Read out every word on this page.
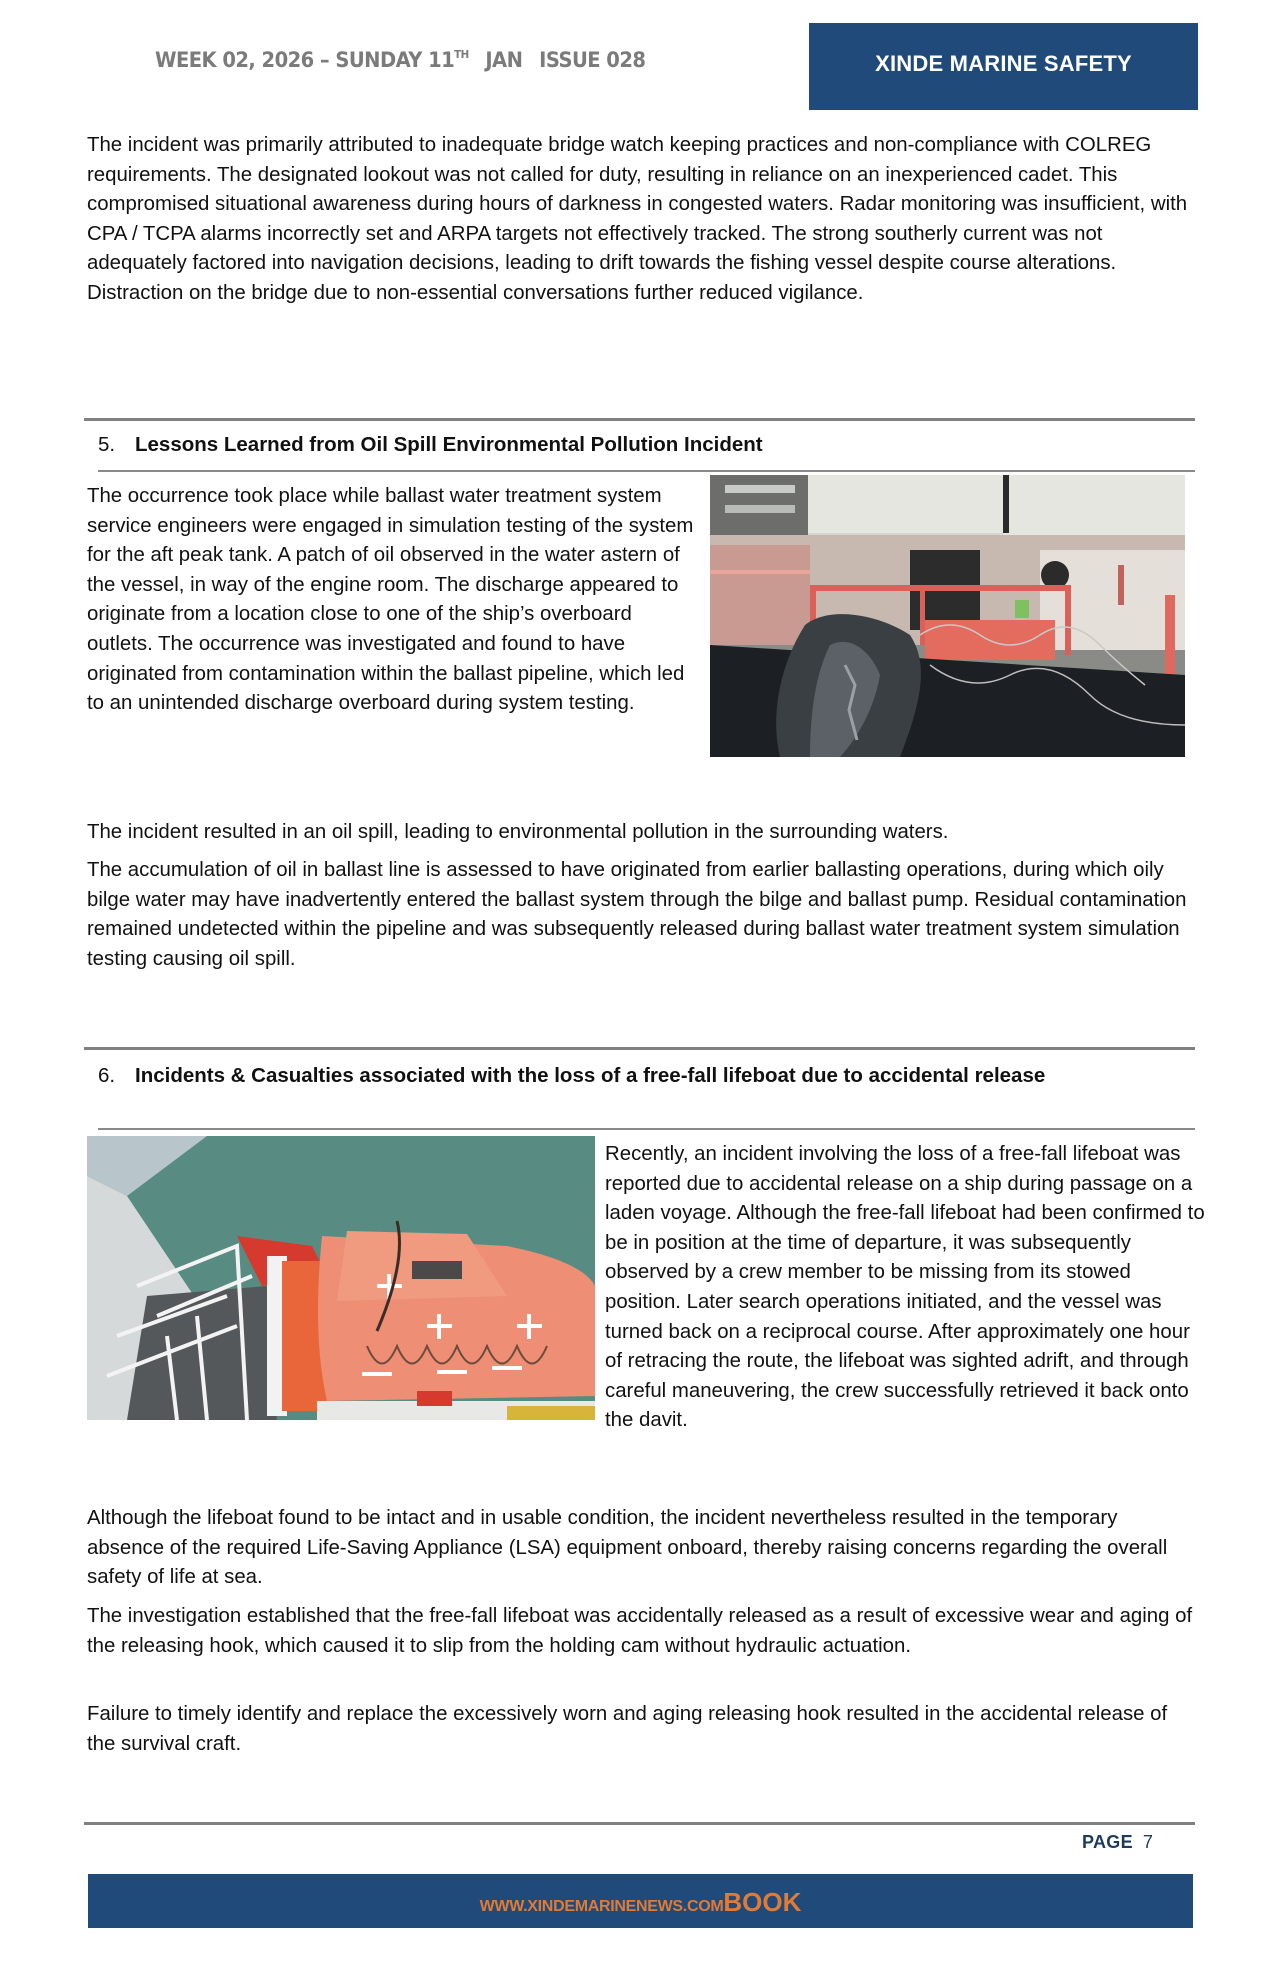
WEEK 02, 2026 – SUNDAY 11TH JAN ISSUE 028	XINDE MARINE SAFETY

The incident was primarily attributed to inadequate bridge watch keeping practices and non-compliance with COLREG requirements. The designated lookout was not called for duty, resulting in reliance on an inexperienced cadet. This compromised situational awareness during hours of darkness in congested waters. Radar monitoring was insufficient, with CPA / TCPA alarms incorrectly set and ARPA targets not effectively tracked. The strong southerly current was not adequately factored into navigation decisions, leading to drift towards the fishing vessel despite course alterations. Distraction on the bridge due to non-essential conversations further reduced vigilance.

5. Lessons Learned from Oil Spill Environmental Pollution Incident

The occurrence took place while ballast water treatment system service engineers were engaged in simulation testing of the system for the aft peak tank. A patch of oil observed in the water astern of the vessel, in way of the engine room. The discharge appeared to originate from a location close to one of the ship’s overboard outlets. The occurrence was investigated and found to have originated from contamination within the ballast pipeline, which led to an unintended discharge overboard during system testing.

The incident resulted in an oil spill, leading to environmental pollution in the surrounding waters.

The accumulation of oil in ballast line is assessed to have originated from earlier ballasting operations, during which oily bilge water may have inadvertently entered the ballast system through the bilge and ballast pump. Residual contamination remained undetected within the pipeline and was subsequently released during ballast water treatment system simulation testing causing oil spill.

6. Incidents & Casualties associated with the loss of a free-fall lifeboat due to accidental release
Recently, an incident involving the loss of a free-fall lifeboat was reported due to accidental release on a ship during passage on a laden voyage. Although the free-fall lifeboat had been confirmed to be in position at the time of departure, it was subsequently observed by a crew member to be missing from its stowed position. Later search operations initiated, and the vessel was turned back on a reciprocal course. After approximately one hour of retracing the route, the lifeboat was sighted adrift, and through careful maneuvering, the crew successfully retrieved it back onto the davit.

Although the lifeboat found to be intact and in usable condition, the incident nevertheless resulted in the temporary absence of the required Life-Saving Appliance (LSA) equipment onboard, thereby raising concerns regarding the overall safety of life at sea.

The investigation established that the free-fall lifeboat was accidentally released as a result of excessive wear and aging of the releasing hook, which caused it to slip from the holding cam without hydraulic actuation.

Failure to timely identify and replace the excessively worn and aging releasing hook resulted in the accidental release of the survival craft.

PAGE 7
WWW.XINDEMARINENEWS.COMBOOK
